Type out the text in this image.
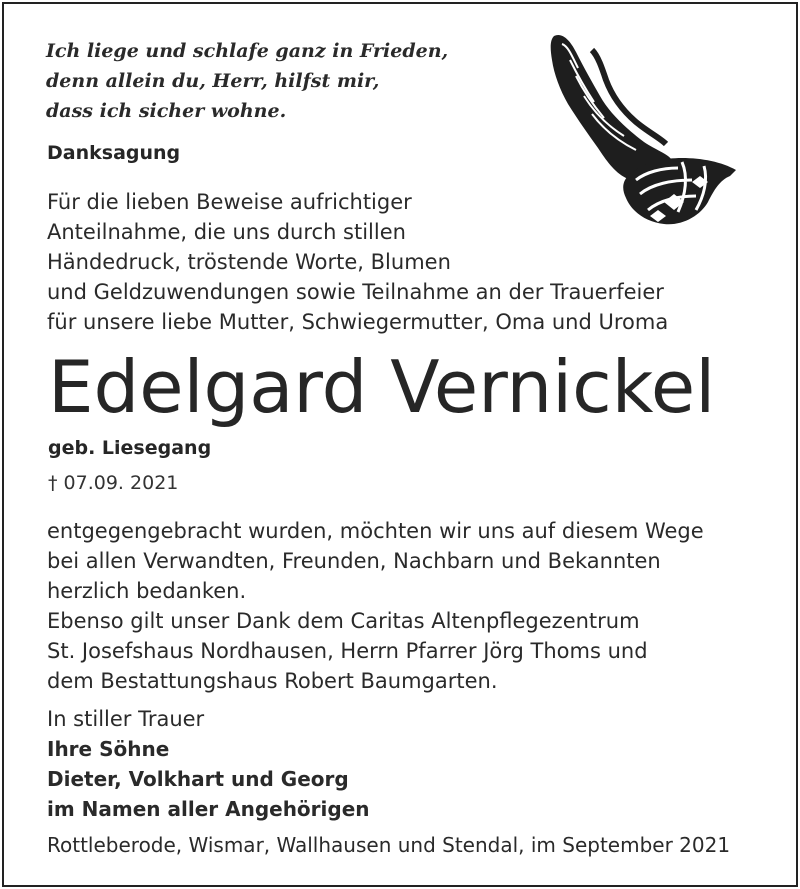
Ich liege und schlafe ganz in Frieden,
denn allein du, Herr, hilfst mir,
dass ich sicher wohne.
Danksagung
Für die lieben Beweise aufrichtiger
Anteilnahme, die uns durch stillen
Händedruck, tröstende Worte, Blumen
und Geldzuwendungen sowie Teilnahme an der Trauerfeier
für unsere liebe Mutter, Schwiegermutter, Oma und Uroma
Edelgard Vernickel
geb. Liesegang
† 07.09. 2021
entgegengebracht wurden, möchten wir uns auf diesem Wege
bei allen Verwandten, Freunden, Nachbarn und Bekannten
herzlich bedanken.
Ebenso gilt unser Dank dem Caritas Altenpflegezentrum
St. Josefshaus Nordhausen, Herrn Pfarrer Jörg Thoms und
dem Bestattungshaus Robert Baumgarten.
In stiller Trauer
Ihre Söhne
Dieter, Volkhart und Georg
im Namen aller Angehörigen
Rottleberode, Wismar, Wallhausen und Stendal, im September 2021
